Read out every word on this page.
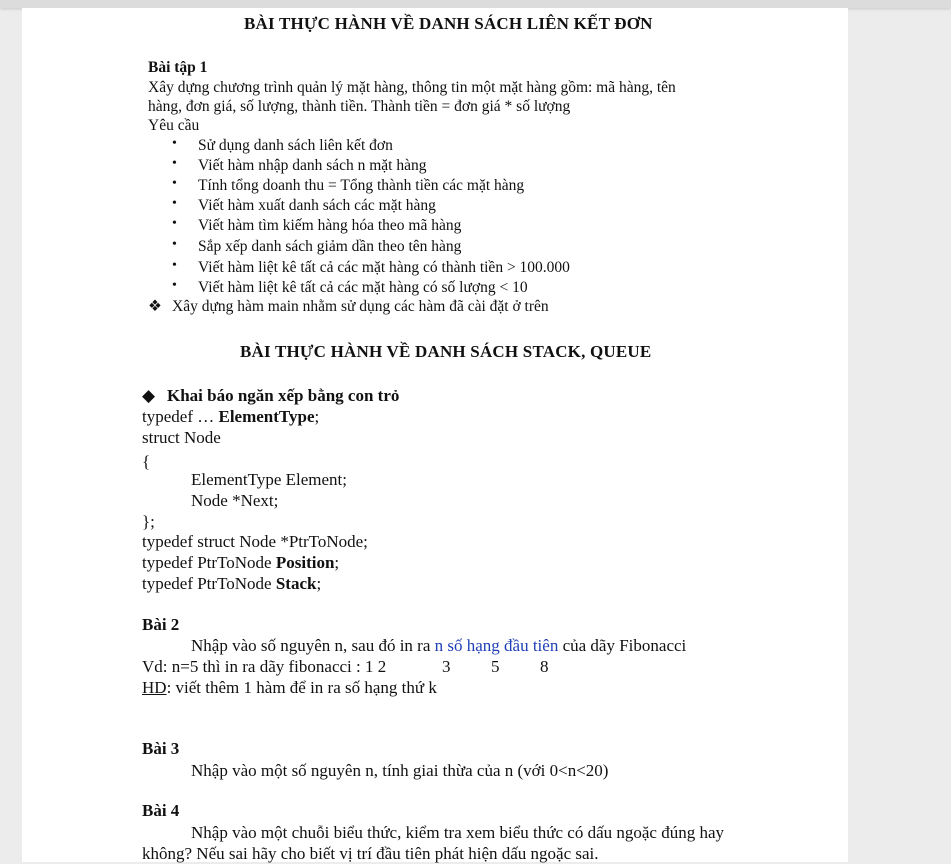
BÀI THỰC HÀNH VỀ DANH SÁCH LIÊN KẾT ĐƠN
Bài tập 1
Xây dựng chương trình quản lý mặt hàng, thông tin một mặt hàng gồm: mã hàng, tên
hàng, đơn giá, số lượng, thành tiền. Thành tiền = đơn giá * số lượng
Yêu cầu
• Sử dụng danh sách liên kết đơn
• Viết hàm nhập danh sách n mặt hàng
• Tính tổng doanh thu = Tổng thành tiền các mặt hàng
• Viết hàm xuất danh sách các mặt hàng
• Viết hàm tìm kiếm hàng hóa theo mã hàng
• Sắp xếp danh sách giảm dần theo tên hàng
• Viết hàm liệt kê tất cả các mặt hàng có thành tiền > 100.000
• Viết hàm liệt kê tất cả các mặt hàng có số lượng < 10
❖ Xây dựng hàm main nhằm sử dụng các hàm đã cài đặt ở trên
BÀI THỰC HÀNH VỀ DANH SÁCH STACK, QUEUE
◆ Khai báo ngăn xếp bằng con trỏ
typedef … ElementType;
struct Node
{
ElementType Element;
Node *Next;
};
typedef struct Node *PtrToNode;
typedef PtrToNode Position;
typedef PtrToNode Stack;
Bài 2
Nhập vào số nguyên n, sau đó in ra n số hạng đầu tiên của dãy Fibonacci
Vd: n=5 thì in ra dãy fibonacci : 1 2	3 5 8
HD: viết thêm 1 hàm để in ra số hạng thứ k
Bài 3
Nhập vào một số nguyên n, tính giai thừa của n (với 0<n<20)
Bài 4
Nhập vào một chuỗi biểu thức, kiểm tra xem biểu thức có dấu ngoặc đúng hay
không? Nếu sai hãy cho biết vị trí đầu tiên phát hiện dấu ngoặc sai.
